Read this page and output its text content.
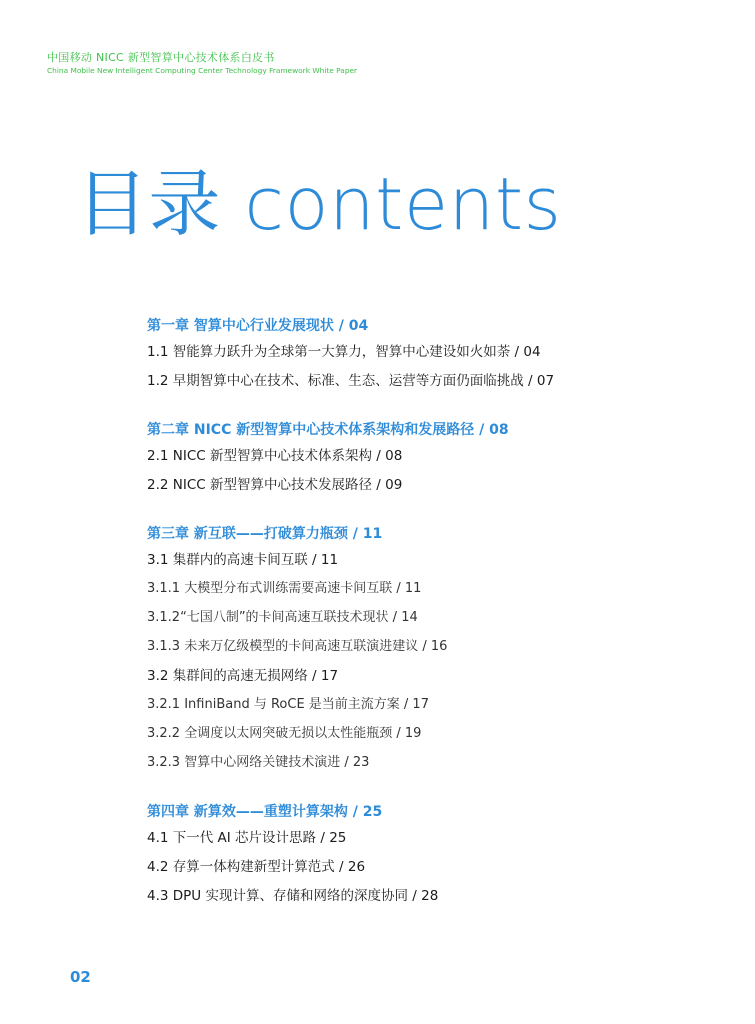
中国移动 NICC 新型智算中心技术体系白皮书
China Mobile New Intelligent Computing Center Technology Framework White Paper
目录 contents
第一章 智算中心行业发展现状 / 04
1.1 智能算力跃升为全球第一大算力，智算中心建设如火如荼 / 04
1.2 早期智算中心在技术、标准、生态、运营等方面仍面临挑战 / 07
第二章 NICC 新型智算中心技术体系架构和发展路径 / 08
2.1 NICC 新型智算中心技术体系架构 / 08
2.2 NICC 新型智算中心技术发展路径 / 09
第三章 新互联——打破算力瓶颈 / 11
3.1 集群内的高速卡间互联 / 11
3.1.1 大模型分布式训练需要高速卡间互联 / 11
3.1.2“七国八制”的卡间高速互联技术现状 / 14
3.1.3 未来万亿级模型的卡间高速互联演进建议 / 16
3.2 集群间的高速无损网络 / 17
3.2.1 InfiniBand 与 RoCE 是当前主流方案 / 17
3.2.2 全调度以太网突破无损以太性能瓶颈 / 19
3.2.3 智算中心网络关键技术演进 / 23
第四章 新算效——重塑计算架构 / 25
4.1 下一代 AI 芯片设计思路 / 25
4.2 存算一体构建新型计算范式 / 26
4.3 DPU 实现计算、存储和网络的深度协同 / 28
02
